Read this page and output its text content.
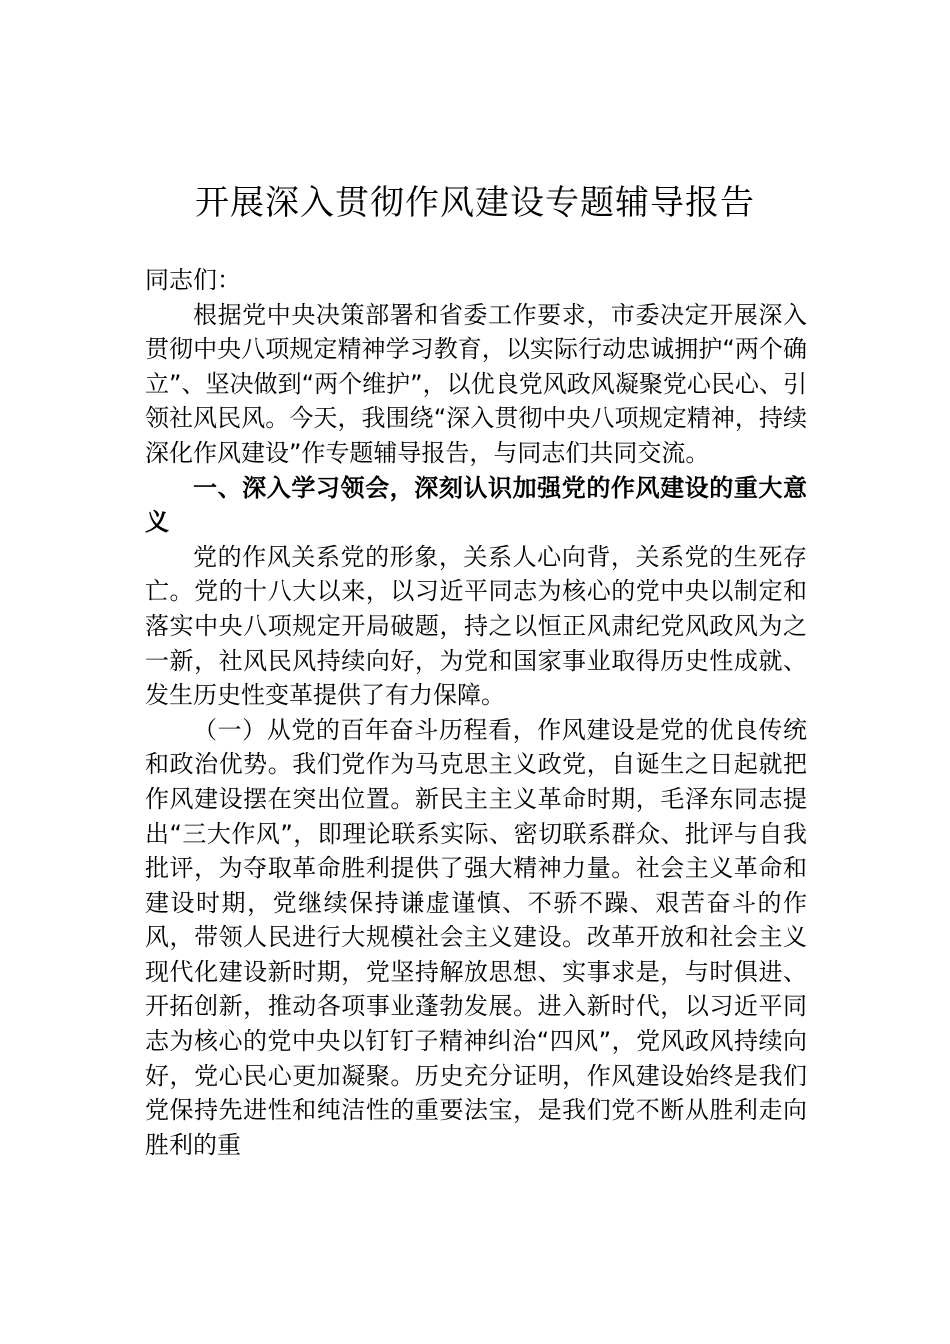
开展深入贯彻作风建设专题辅导报告

同志们：

根据党中央决策部署和省委工作要求，市委决定开展深入贯彻中央八项规定精神学习教育，以实际行动忠诚拥护“两个确立”、坚决做到“两个维护”，以优良党风政风凝聚党心民心、引领社风民风。今天，我围绕“深入贯彻中央八项规定精神，持续深化作风建设”作专题辅导报告，与同志们共同交流。

一、深入学习领会，深刻认识加强党的作风建设的重大意义

党的作风关系党的形象，关系人心向背，关系党的生死存亡。党的十八大以来，以习近平同志为核心的党中央以制定和落实中央八项规定开局破题，持之以恒正风肃纪党风政风为之一新，社风民风持续向好，为党和国家事业取得历史性成就、发生历史性变革提供了有力保障。

（一）从党的百年奋斗历程看，作风建设是党的优良传统和政治优势。我们党作为马克思主义政党，自诞生之日起就把作风建设摆在突出位置。新民主主义革命时期，毛泽东同志提出“三大作风”，即理论联系实际、密切联系群众、批评与自我批评，为夺取革命胜利提供了强大精神力量。社会主义革命和建设时期，党继续保持谦虚谨慎、不骄不躁、艰苦奋斗的作风，带领人民进行大规模社会主义建设。改革开放和社会主义现代化建设新时期，党坚持解放思想、实事求是，与时俱进、开拓创新，推动各项事业蓬勃发展。进入新时代，以习近平同志为核心的党中央以钉钉子精神纠治“四风”，党风政风持续向好，党心民心更加凝聚。历史充分证明，作风建设始终是我们党保持先进性和纯洁性的重要法宝，是我们党不断从胜利走向胜利的重
